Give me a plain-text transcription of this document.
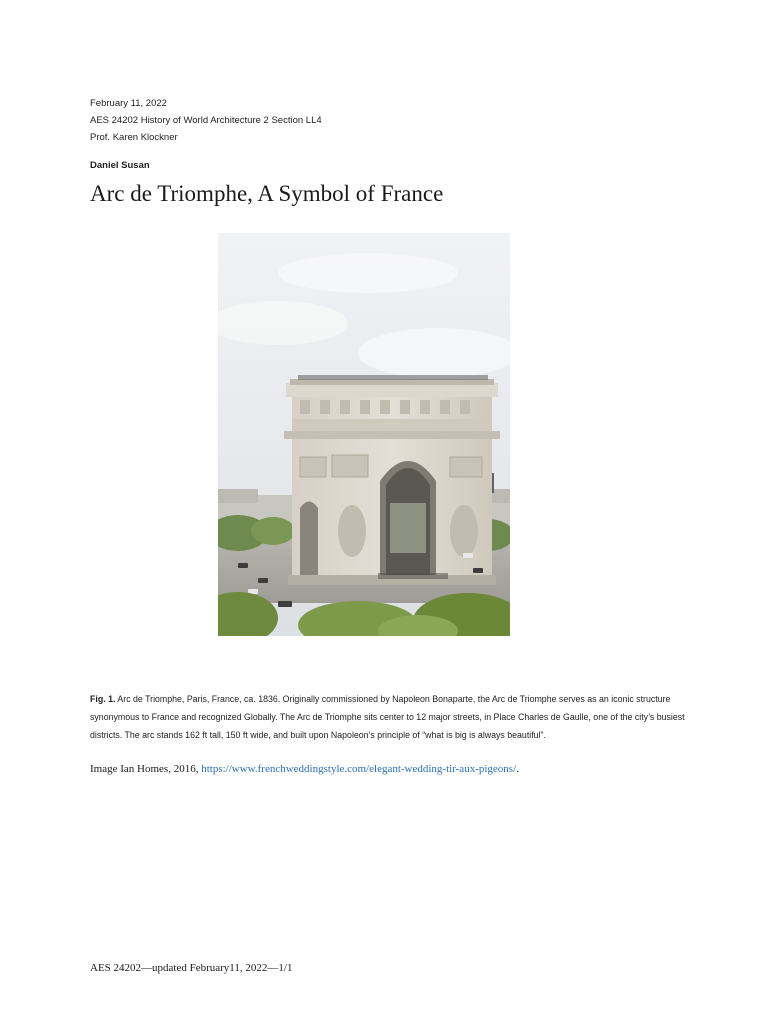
February 11, 2022
AES 24202 History of World Architecture 2 Section LL4
Prof. Karen Klockner
Daniel Susan
Arc de Triomphe, A Symbol of France
Fig. 1. Arc de Triomphe, Paris, France, ca. 1836. Originally commissioned by Napoleon Bonaparte, the Arc de Triomphe serves as an iconic structure synonymous to France and recognized Globally. The Arc de Triomphe sits center to 12 major streets, in Place Charles de Gaulle, one of the city’s busiest districts. The arc stands 162 ft tall, 150 ft wide, and built upon Napoleon’s principle of “what is big is always beautiful”.
Image Ian Homes, 2016, https://www.frenchweddingstyle.com/elegant-wedding-tir-aux-pigeons/.
AES 24202—updated February11, 2022—1/1
